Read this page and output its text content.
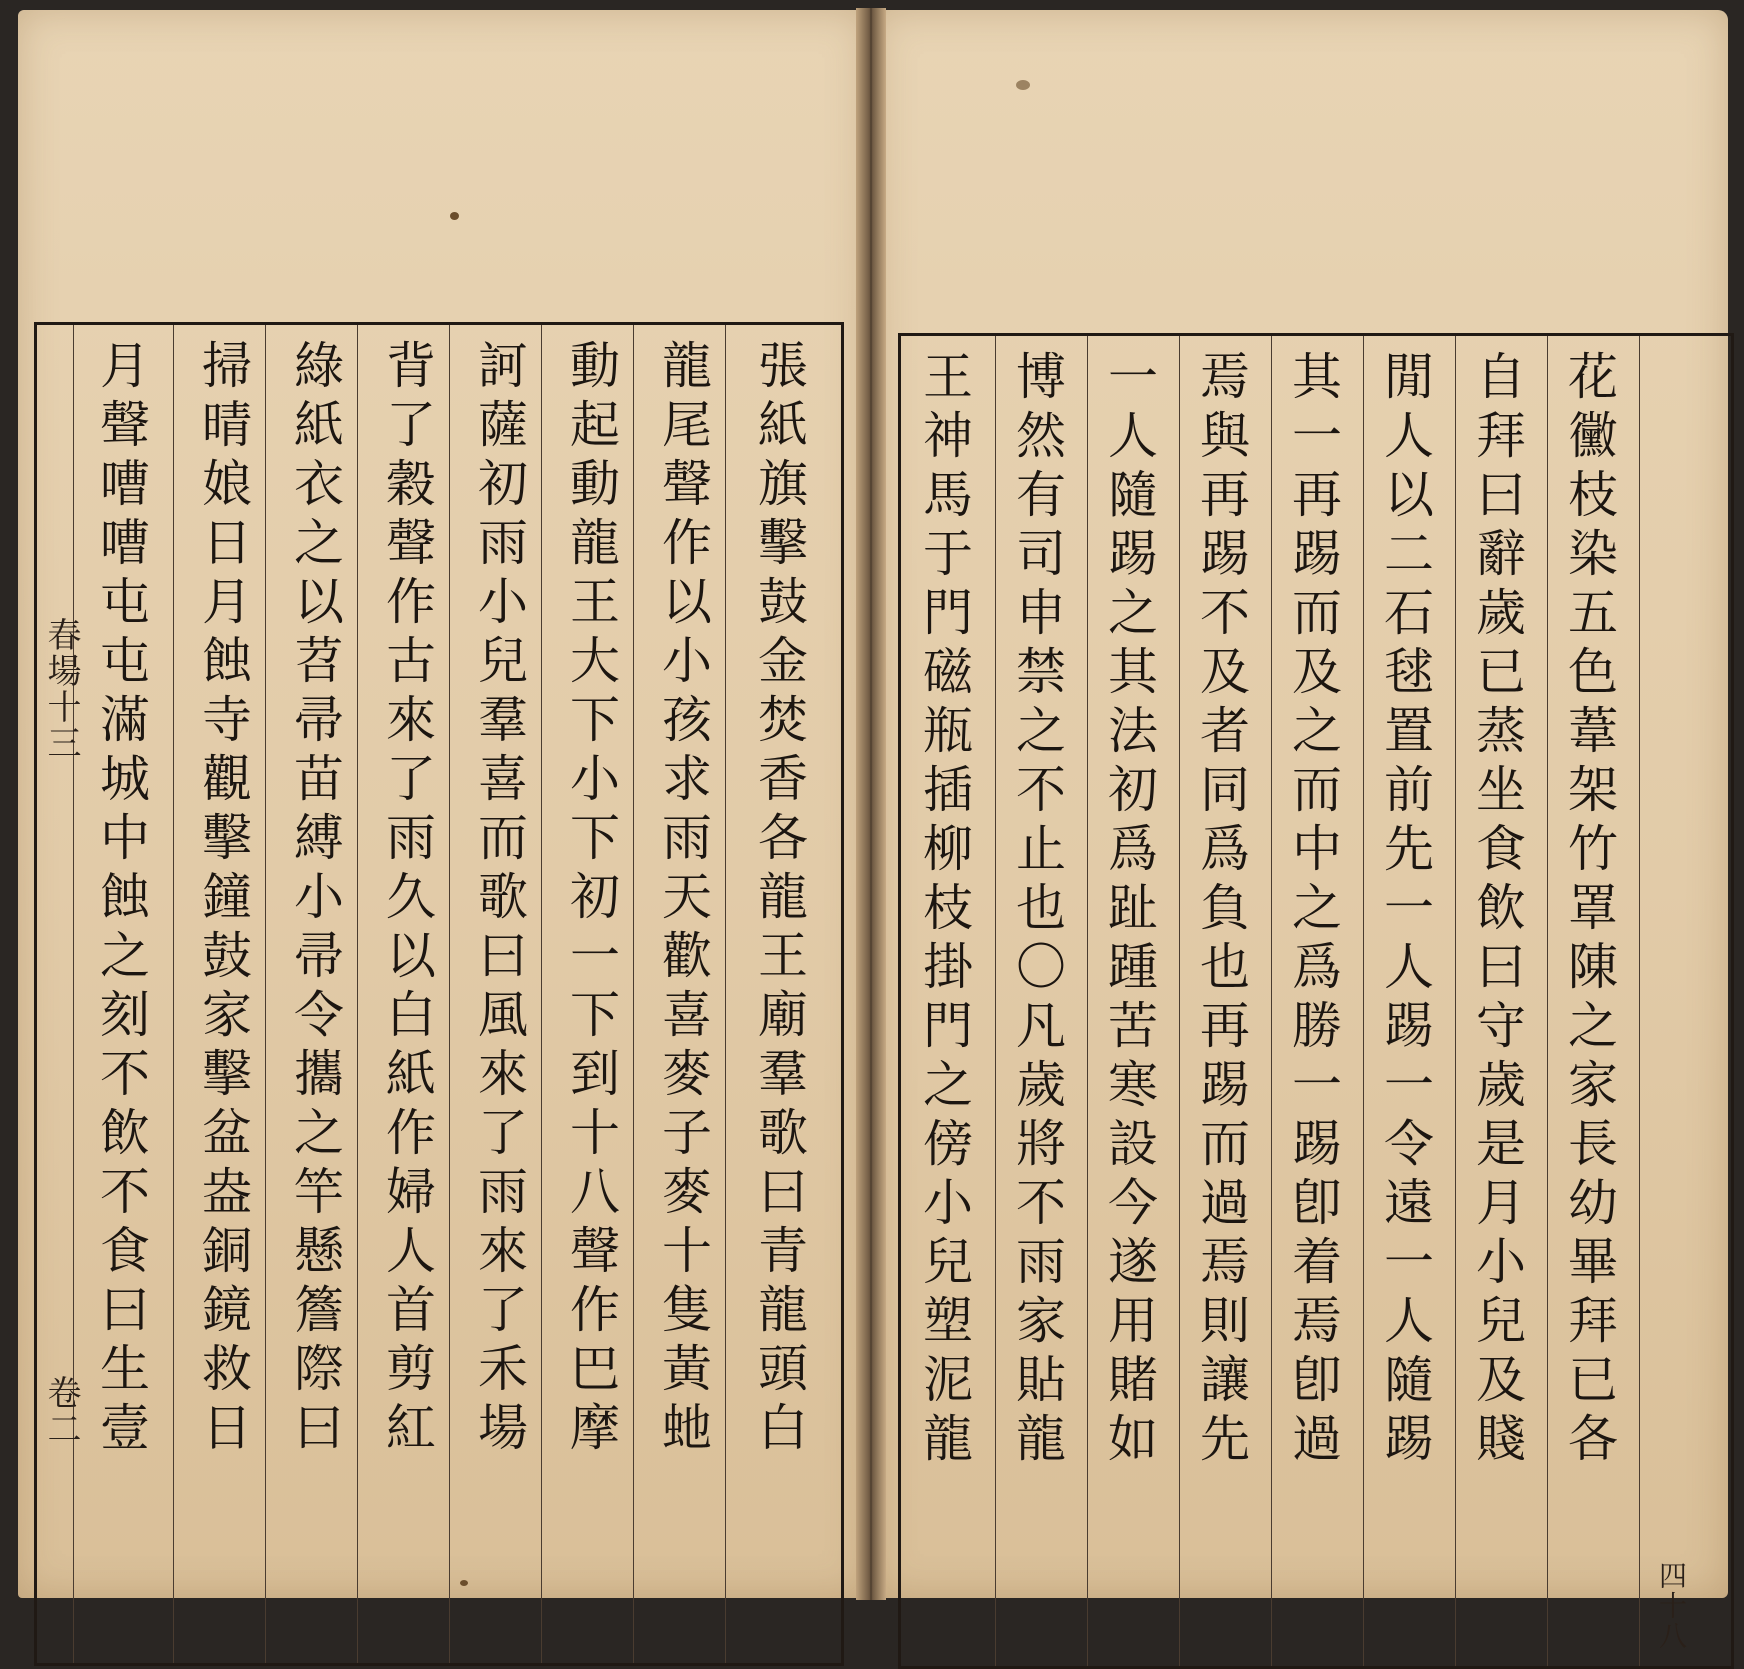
春場十三
卷二
張
紙
旗
擊
鼓
金
焚
香
各
龍
王
廟
羣
歌
曰
青
龍
頭
白
龍
尾
聲
作
以
小
孩
求
雨
天
歡
喜
麥
子
麥
十
隻
黃
虵
動
起
動
龍
王
大
下
小
下
初
一
下
到
十
八
聲
作
巴
摩
訶
薩
初
雨
小
兒
羣
喜
而
歌
曰
風
來
了
雨
來
了
禾
場
背
了
穀
聲
作
古
來
了
雨
久
以
白
紙
作
婦
人
首
剪
紅
綠
紙
衣
之
以
苕
帚
苗
縛
小
帚
令
攜
之
竿
懸
簷
際
曰
掃
晴
娘
日
月
蝕
寺
觀
擊
鐘
鼓
家
擊
盆
盎
銅
鏡
救
日
月
聲
嘈
嘈
屯
屯
滿
城
中
蝕
之
刻
不
飲
不
食
曰
生
壹
花
黴
枝
染
五
色
葦
架
竹
罩
陳
之
家
長
幼
畢
拜
已
各
自
拜
曰
辭
歲
已
蒸
坐
食
飲
曰
守
歲
是
月
小
兒
及
賤
閒
人
以
二
石
毬
置
前
先
一
人
踢
一
令
遠
一
人
隨
踢
其
一
再
踢
而
及
之
而
中
之
爲
勝
一
踢
卽
着
焉
卽
過
焉
與
再
踢
不
及
者
同
爲
負
也
再
踢
而
過
焉
則
讓
先
一
人
隨
踢
之
其
法
初
爲
趾
踵
苦
寒
設
今
遂
用
賭
如
博
然
有
司
申
禁
之
不
止
也
〇
凡
歲
將
不
雨
家
貼
龍
王
神
馬
于
門
磁
瓶
插
柳
枝
掛
門
之
傍
小
兒
塑
泥
龍
四十八
